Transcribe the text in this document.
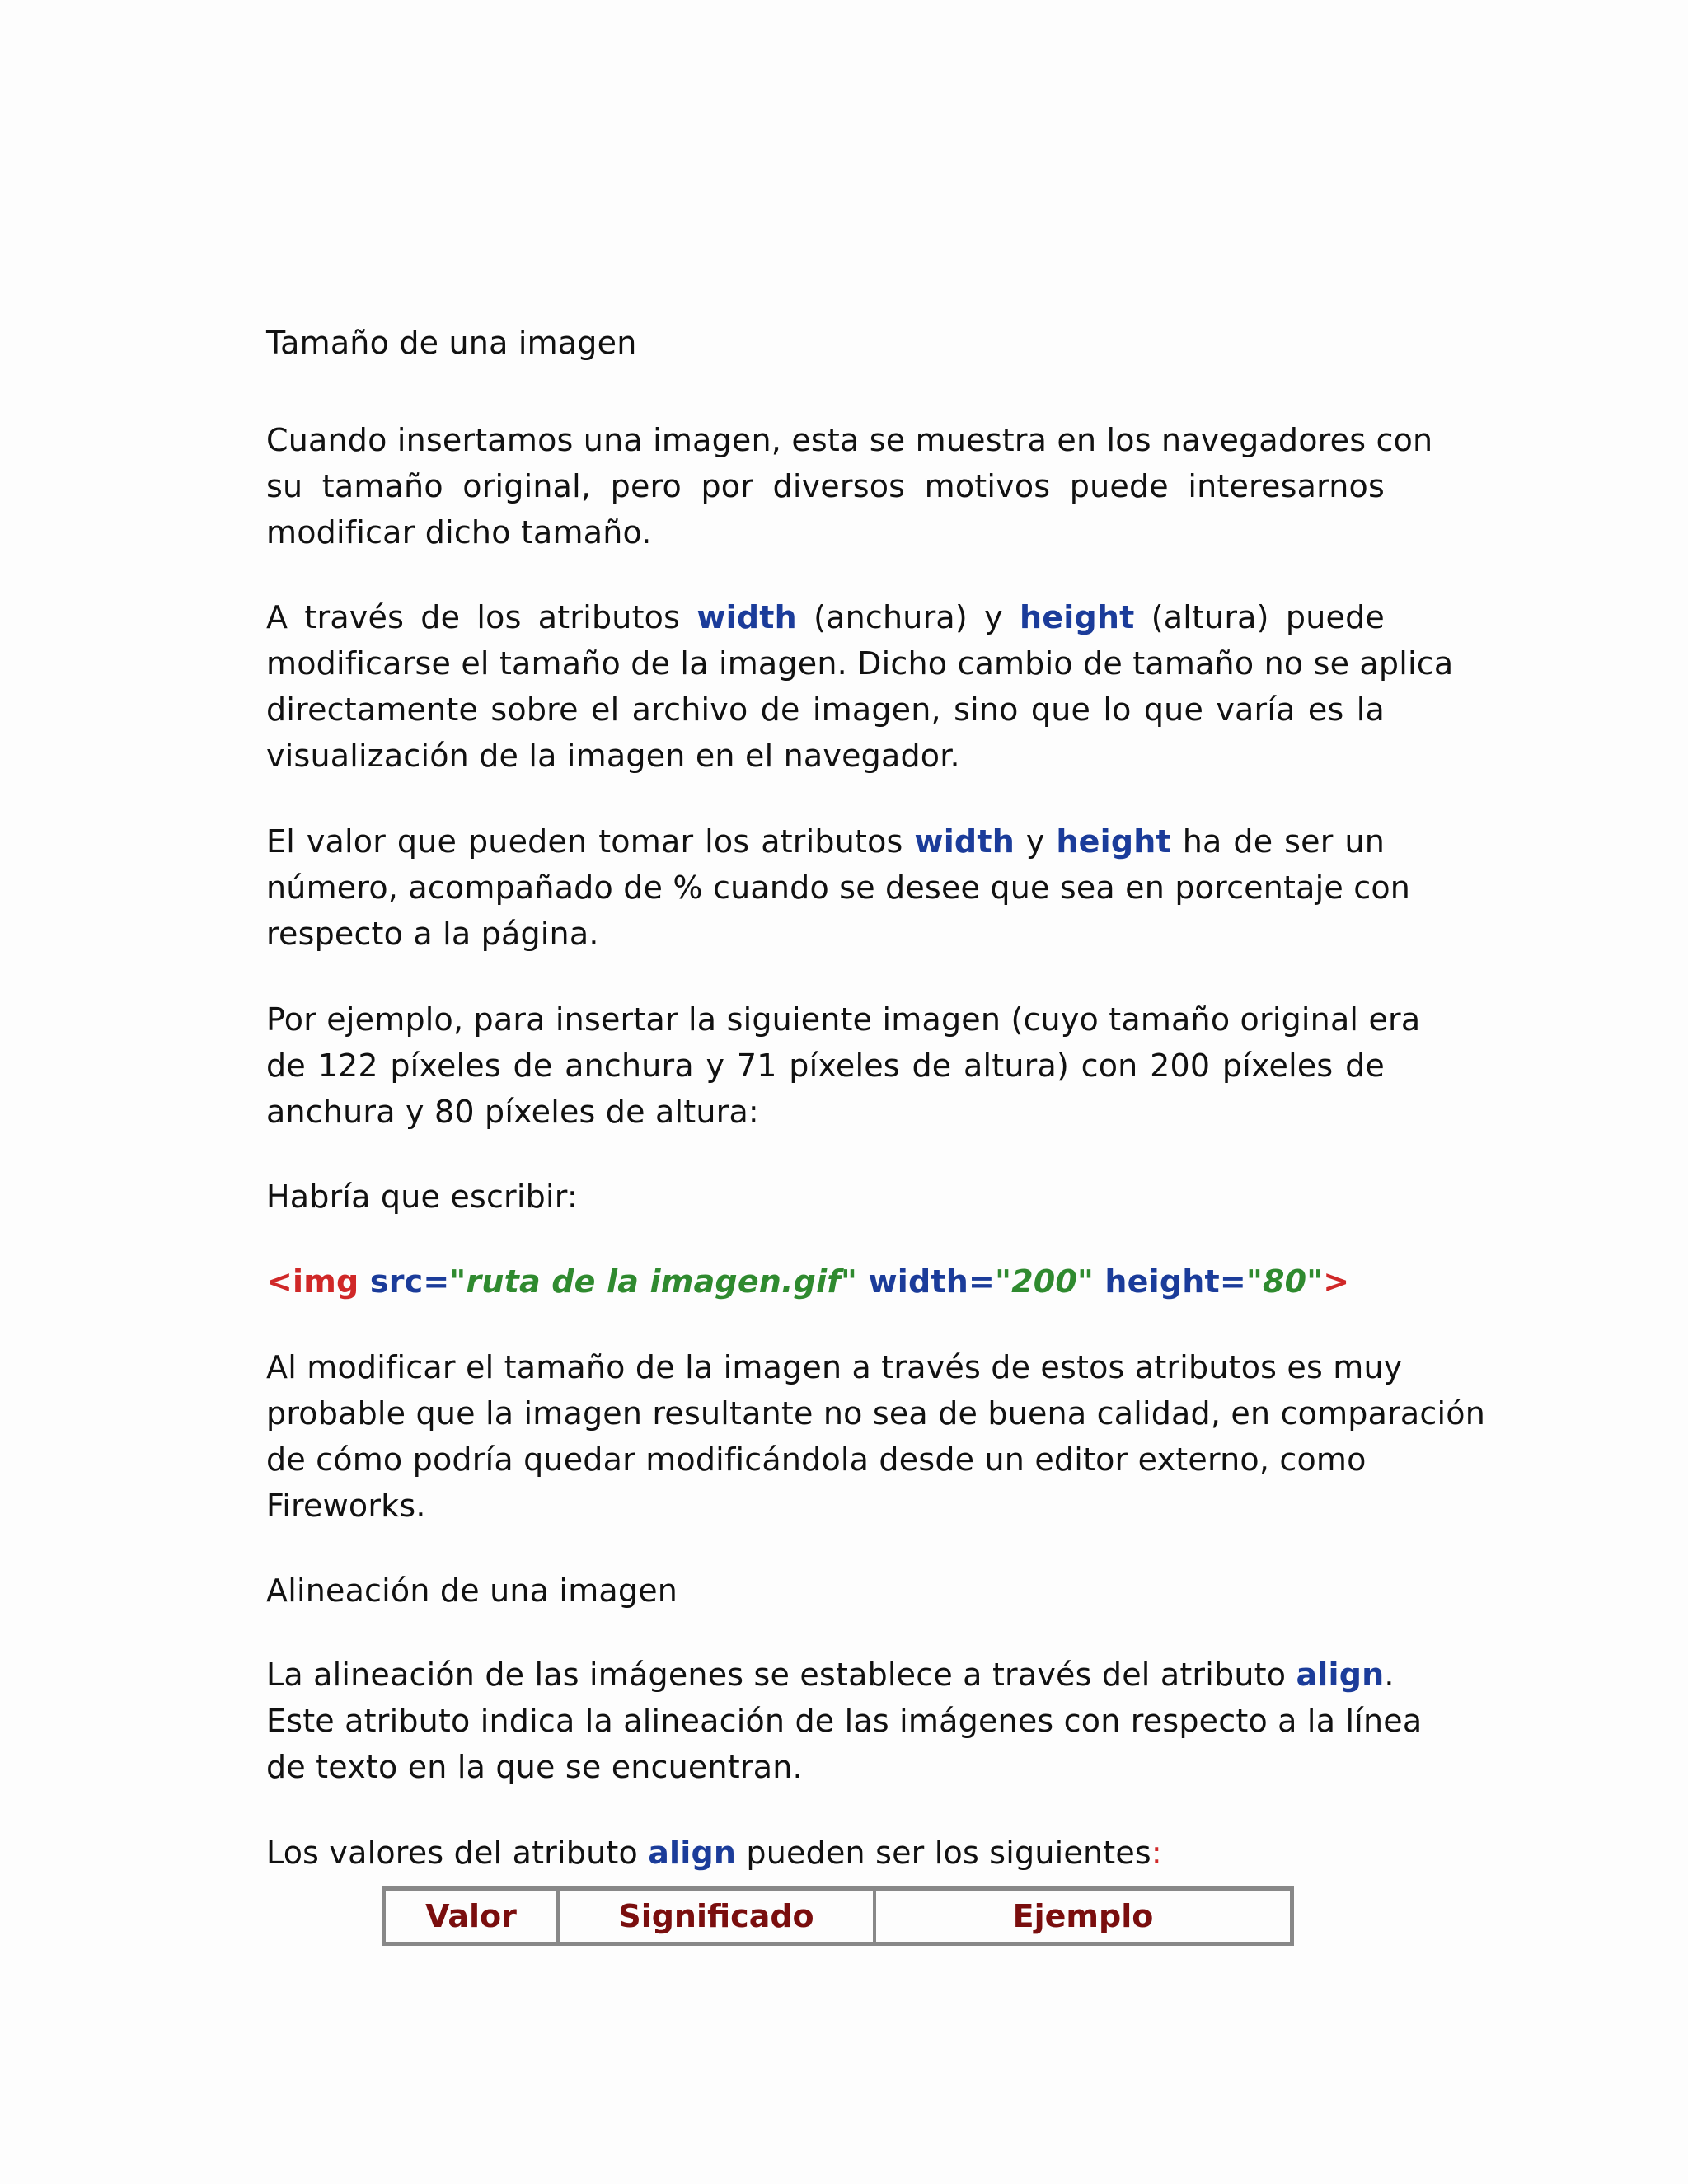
Tamaño de una imagen
Cuando insertamos una imagen, esta se muestra en los navegadores con
su tamaño original, pero por diversos motivos puede interesarnos
modificar dicho tamaño.
A través de los atributos width (anchura) y height (altura) puede
modificarse el tamaño de la imagen. Dicho cambio de tamaño no se aplica
directamente sobre el archivo de imagen, sino que lo que varía es la
visualización de la imagen en el navegador.
El valor que pueden tomar los atributos width y height ha de ser un
número, acompañado de % cuando se desee que sea en porcentaje con
respecto a la página.
Por ejemplo, para insertar la siguiente imagen (cuyo tamaño original era
de 122 píxeles de anchura y 71 píxeles de altura) con 200 píxeles de
anchura y 80 píxeles de altura:
Habría que escribir:
<img src="ruta de la imagen.gif" width="200" height="80">
Al modificar el tamaño de la imagen a través de estos atributos es muy
probable que la imagen resultante no sea de buena calidad, en comparación
de cómo podría quedar modificándola desde un editor externo, como
Fireworks.
Alineación de una imagen
La alineación de las imágenes se establece a través del atributo align.
Este atributo indica la alineación de las imágenes con respecto a la línea
de texto en la que se encuentran.
Los valores del atributo align pueden ser los siguientes:
Valor	Significado	Ejemplo
